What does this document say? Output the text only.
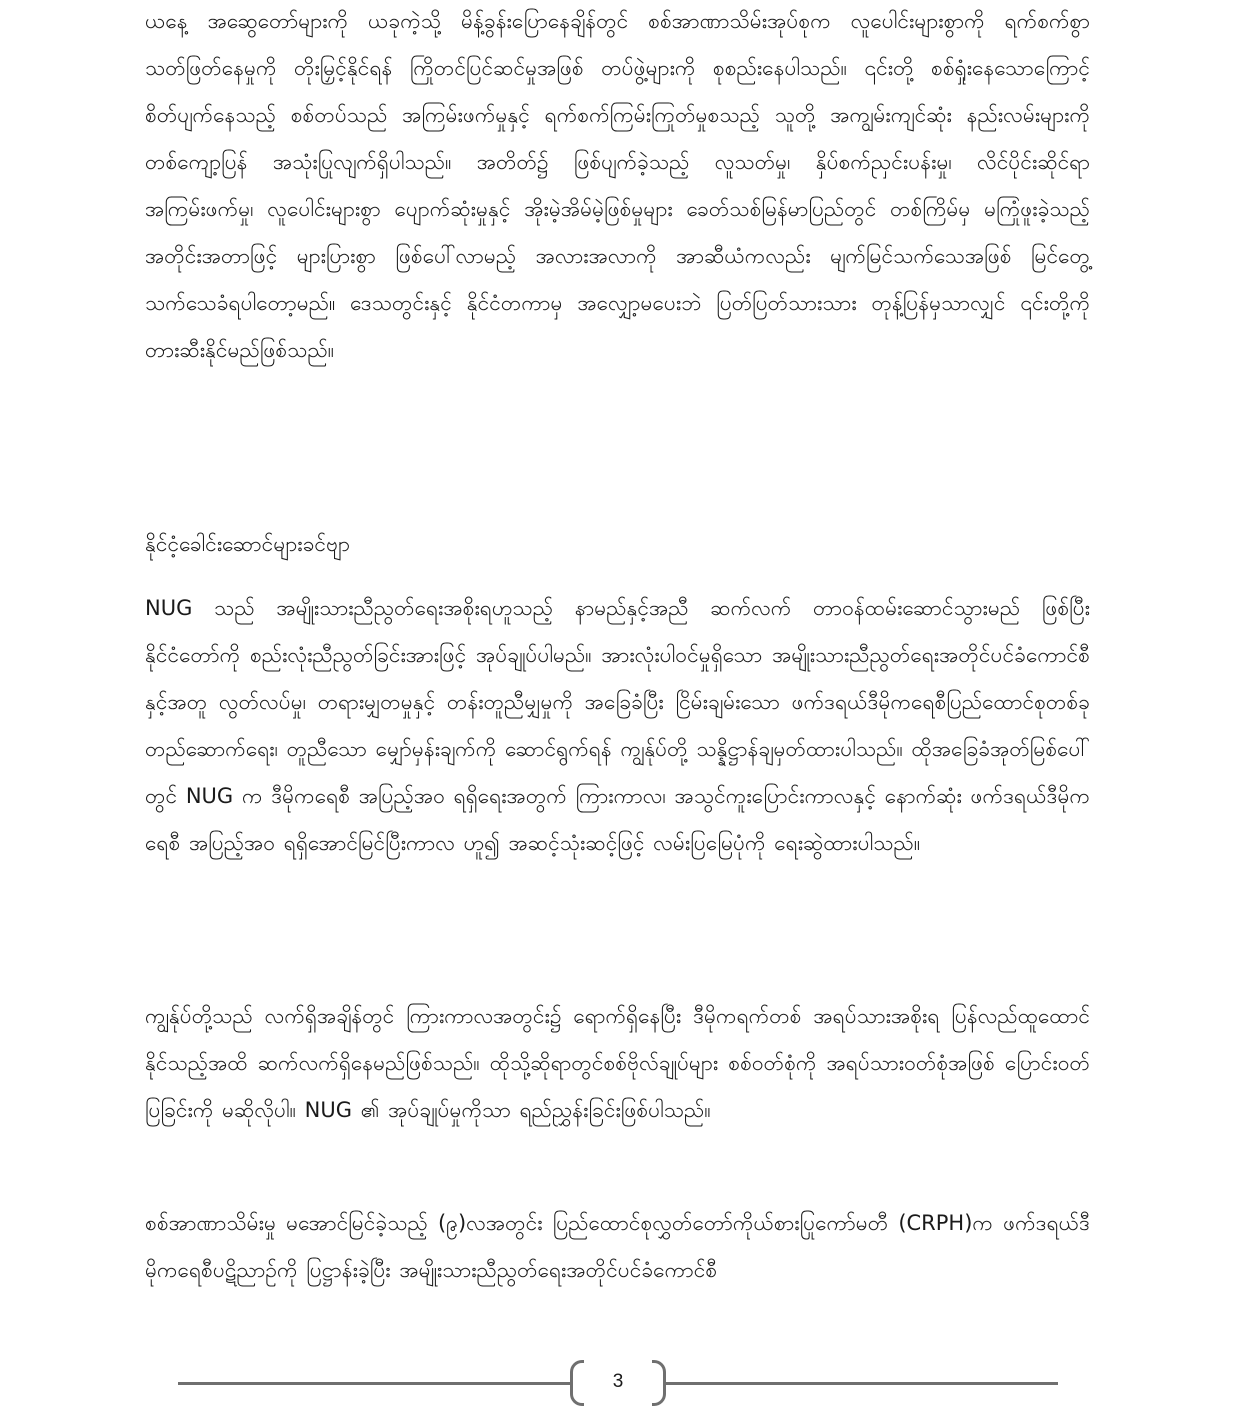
ယနေ့ အဆွေတော်များကို ယခုကဲ့သို့ မိန့်ခွန်းပြောနေချိန်တွင် စစ်အာဏာသိမ်းအုပ်စုက လူပေါင်းများစွာကို ရက်စက်စွာ သတ်ဖြတ်နေမှုကို တိုးမြှင့်နိုင်ရန် ကြိုတင်ပြင်ဆင်မှုအဖြစ် တပ်ဖွဲ့များကို စုစည်းနေပါသည်။ ၎င်းတို့ စစ်ရှုံးနေသောကြောင့် စိတ်ပျက်နေသည့် စစ်တပ်သည် အကြမ်းဖက်မှုနှင့် ရက်စက်ကြမ်းကြုတ်မှုစသည့် သူတို့ အကျွမ်းကျင်ဆုံး နည်းလမ်းများကို တစ်ကျော့ပြန် အသုံးပြုလျက်ရှိပါသည်။ အတိတ်၌ ဖြစ်ပျက်ခဲ့သည့် လူသတ်မှု၊ နှိပ်စက်ညှင်းပန်းမှု၊ လိင်ပိုင်းဆိုင်ရာ အကြမ်းဖက်မှု၊ လူပေါင်းများစွာ ပျောက်ဆုံးမှုနှင့် အိုးမဲ့အိမ်မဲ့ဖြစ်မှုများ ခေတ်သစ်မြန်မာပြည်တွင် တစ်ကြိမ်မှ မကြုံဖူးခဲ့သည့် အတိုင်းအတာဖြင့် များပြားစွာ ဖြစ်ပေါ်လာမည့် အလားအလာကို အာဆီယံကလည်း မျက်မြင်သက်သေအဖြစ် မြင်တွေ့ သက်သေခံရပါတော့မည်။ ဒေသတွင်းနှင့် နိုင်ငံတကာမှ အလျှော့မပေးဘဲ ပြတ်ပြတ်သားသား တုန့်ပြန်မှသာလျှင် ၎င်းတို့ကို တားဆီးနိုင်မည်ဖြစ်သည်။

နိုင်ငံ့ခေါင်းဆောင်များခင်ဗျာ

NUG သည် အမျိုးသားညီညွတ်ရေးအစိုးရဟူသည့် နာမည်နှင့်အညီ ဆက်လက် တာဝန်ထမ်းဆောင်သွားမည် ဖြစ်ပြီး နိုင်ငံတော်ကို စည်းလုံးညီညွတ်ခြင်းအားဖြင့် အုပ်ချုပ်ပါမည်။ အားလုံးပါဝင်မှုရှိသော အမျိုးသားညီညွတ်ရေးအတိုင်ပင်ခံကောင်စီနှင့်အတူ လွတ်လပ်မှု၊ တရားမျှတမှုနှင့် တန်းတူညီမျှမှုကို အခြေခံပြီး ငြိမ်းချမ်းသော ဖက်ဒရယ်ဒီမိုကရေစီပြည်ထောင်စုတစ်ခု တည်ဆောက်ရေး၊ တူညီသော မျှော်မှန်းချက်ကို ဆောင်ရွက်ရန် ကျွန်ုပ်တို့ သန္နိဋ္ဌာန်ချမှတ်ထားပါသည်။ ထိုအခြေခံအုတ်မြစ်ပေါ်တွင် NUG က ဒီမိုကရေစီ အပြည့်အဝ ရရှိရေးအတွက် ကြားကာလ၊ အသွင်ကူးပြောင်းကာလနှင့် နောက်ဆုံး ဖက်ဒရယ်ဒီမိုကရေစီ အပြည့်အဝ ရရှိအောင်မြင်ပြီးကာလ ဟူ၍ အဆင့်သုံးဆင့်ဖြင့် လမ်းပြမြေပုံကို ရေးဆွဲထားပါသည်။

ကျွန်ုပ်တို့သည် လက်ရှိအချိန်တွင် ကြားကာလအတွင်း၌ ရောက်ရှိနေပြီး ဒီမိုကရက်တစ် အရပ်သားအစိုးရ ပြန်လည်ထူထောင်နိုင်သည့်အထိ ဆက်လက်ရှိနေမည်ဖြစ်သည်။ ထိုသို့ဆိုရာတွင်စစ်ဗိုလ်ချုပ်များ စစ်ဝတ်စုံကို အရပ်သားဝတ်စုံအဖြစ် ပြောင်းဝတ်ပြခြင်းကို မဆိုလိုပါ။ NUG ၏ အုပ်ချုပ်မှုကိုသာ ရည်ညွှန်းခြင်းဖြစ်ပါသည်။

စစ်အာဏာသိမ်းမှု မအောင်မြင်ခဲ့သည့် (၉)လအတွင်း ပြည်ထောင်စုလွှတ်တော်ကိုယ်စားပြုကော်မတီ (CRPH)က ဖက်ဒရယ်ဒီမိုကရေစီပဋိညာဉ်ကို ပြဋ္ဌာန်းခဲ့ပြီး အမျိုးသားညီညွတ်ရေးအတိုင်ပင်ခံကောင်စီ

3
